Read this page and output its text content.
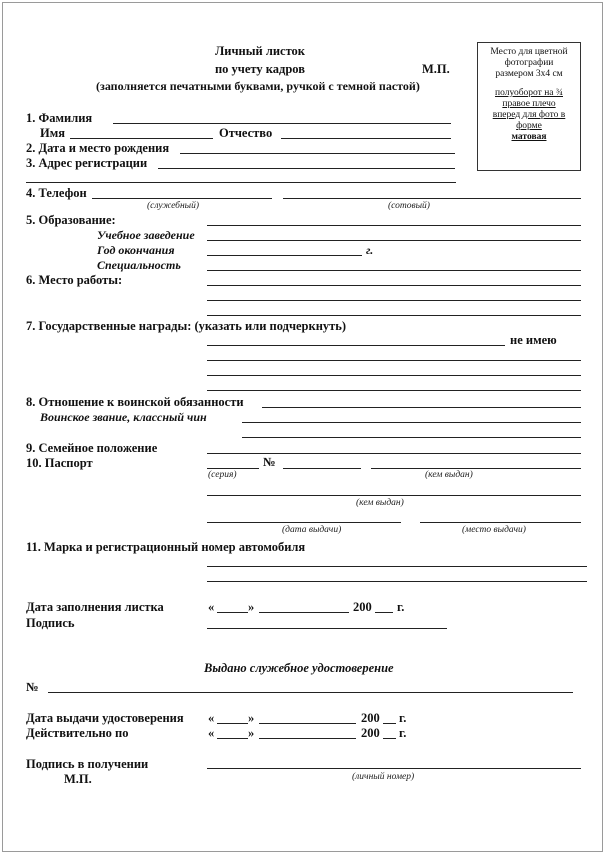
Личный листок
по учету кадров	М.П.
(заполняется печатными буквами, ручкой с темной пастой)
Место для цветной
фотографии
размером 3х4 см
полуоборот на ¾
правое плечо
вперед для фото в
форме
матовая
1. Фамилия
Имя	Отчество
2. Дата и место рождения
3. Адрес регистрации
4. Телефон
(служебный)	(сотовый)
5. Образование:
Учебное заведение
Год окончания	г.
Специальность
6. Место работы:
7. Государственные награды: (указать или подчеркнуть)
не имею
8. Отношение к воинской обязанности
Воинское звание, классный чин
9. Семейное положение
10. Паспорт	№
(серия)	(кем выдан)
(кем выдан)
(дата выдачи)	(место выдачи)
11. Марка и регистрационный номер автомобиля
Дата заполнения листка	«	»	200 г.
Подпись
Выдано служебное удостоверение
№
Дата выдачи удостоверения «	»	200 г.
Действительно по	«	»	200 г.
Подпись в получении
М.П.	(личный номер)
